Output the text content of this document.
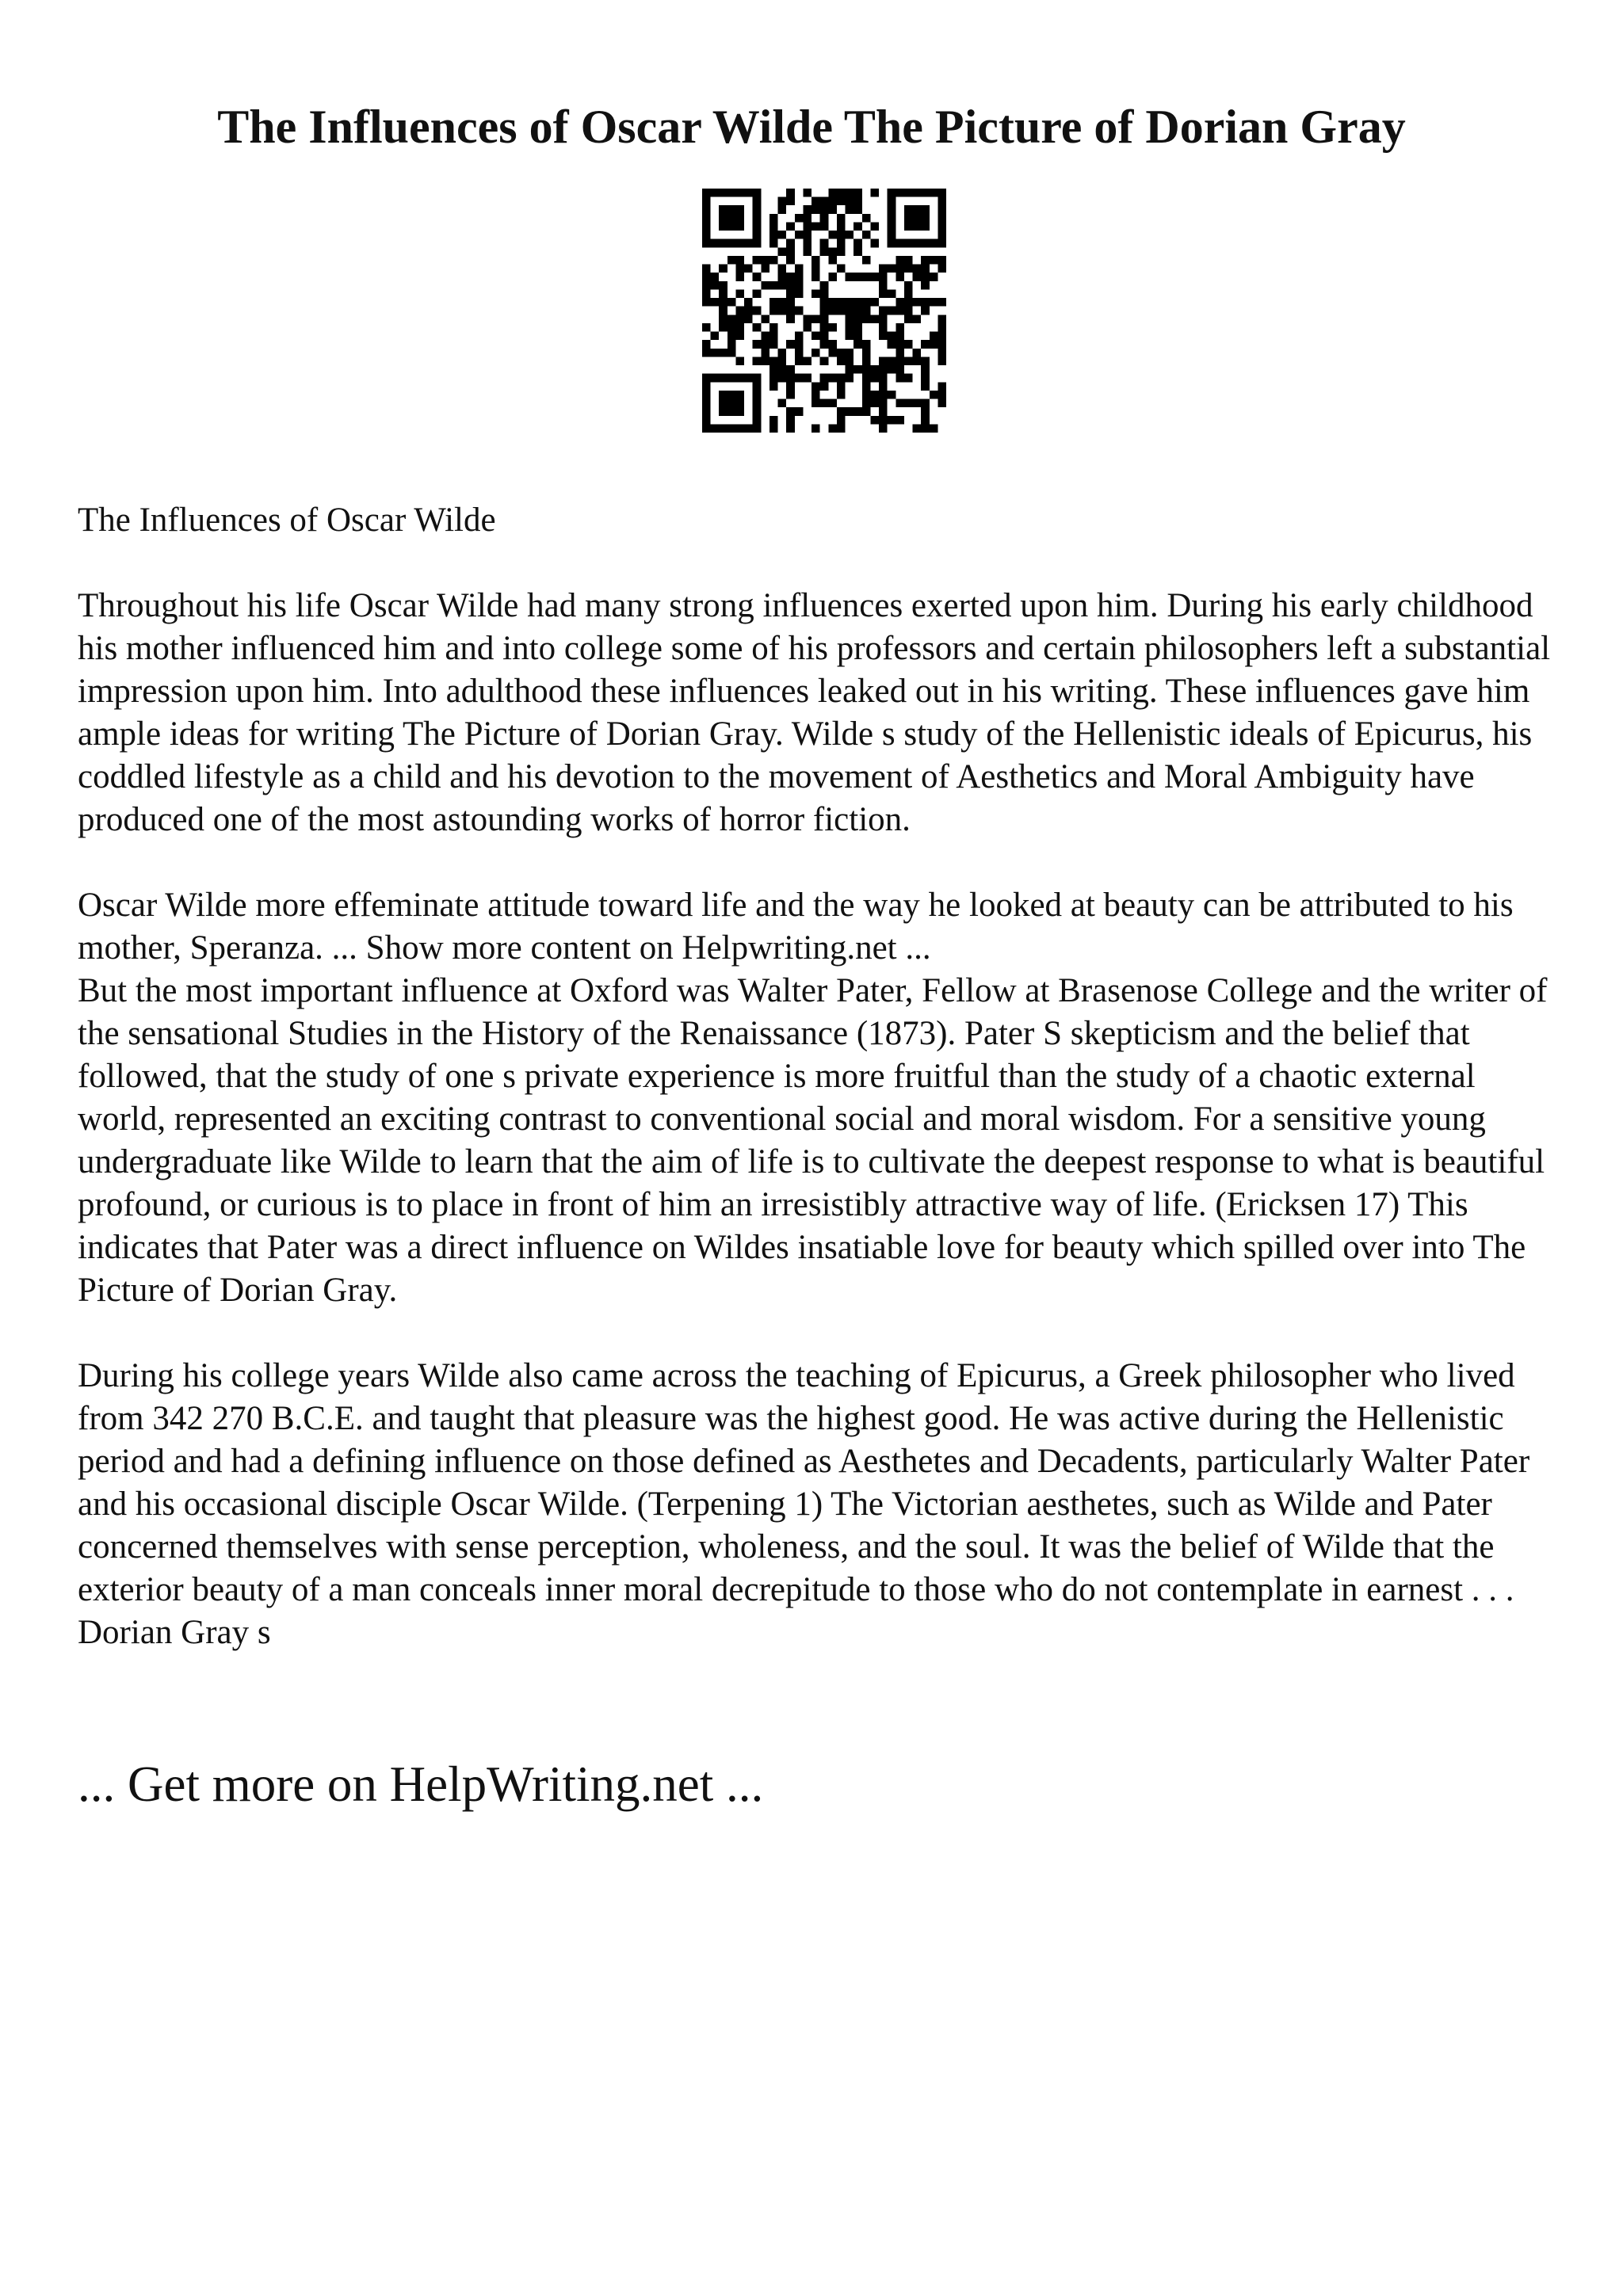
The Influences of Oscar Wilde The Picture of Dorian Gray

The Influences of Oscar Wilde

Throughout his life Oscar Wilde had many strong influences exerted upon him. During his early childhood his mother influenced him and into college some of his professors and certain philosophers left a substantial impression upon him. Into adulthood these influences leaked out in his writing. These influences gave him ample ideas for writing The Picture of Dorian Gray. Wilde s study of the Hellenistic ideals of Epicurus, his coddled lifestyle as a child and his devotion to the movement of Aesthetics and Moral Ambiguity have produced one of the most astounding works of horror fiction.

Oscar Wilde more effeminate attitude toward life and the way he looked at beauty can be attributed to his mother, Speranza. ... Show more content on Helpwriting.net ...

But the most important influence at Oxford was Walter Pater, Fellow at Brasenose College and the writer of the sensational Studies in the History of the Renaissance (1873). Pater S skepticism and the belief that followed, that the study of one s private experience is more fruitful than the study of a chaotic external world, represented an exciting contrast to conventional social and moral wisdom. For a sensitive young undergraduate like Wilde to learn that the aim of life is to cultivate the deepest response to what is beautiful profound, or curious is to place in front of him an irresistibly attractive way of life. (Ericksen 17) This indicates that Pater was a direct influence on Wildes insatiable love for beauty which spilled over into The Picture of Dorian Gray.

During his college years Wilde also came across the teaching of Epicurus, a Greek philosopher who lived from 342 270 B.C.E. and taught that pleasure was the highest good. He was active during the Hellenistic period and had a defining influence on those defined as Aesthetes and Decadents, particularly Walter Pater and his occasional disciple Oscar Wilde. (Terpening 1) The Victorian aesthetes, such as Wilde and Pater concerned themselves with sense perception, wholeness, and the soul. It was the belief of Wilde that the exterior beauty of a man conceals inner moral decrepitude to those who do not contemplate in earnest . . . Dorian Gray s

... Get more on HelpWriting.net ...
